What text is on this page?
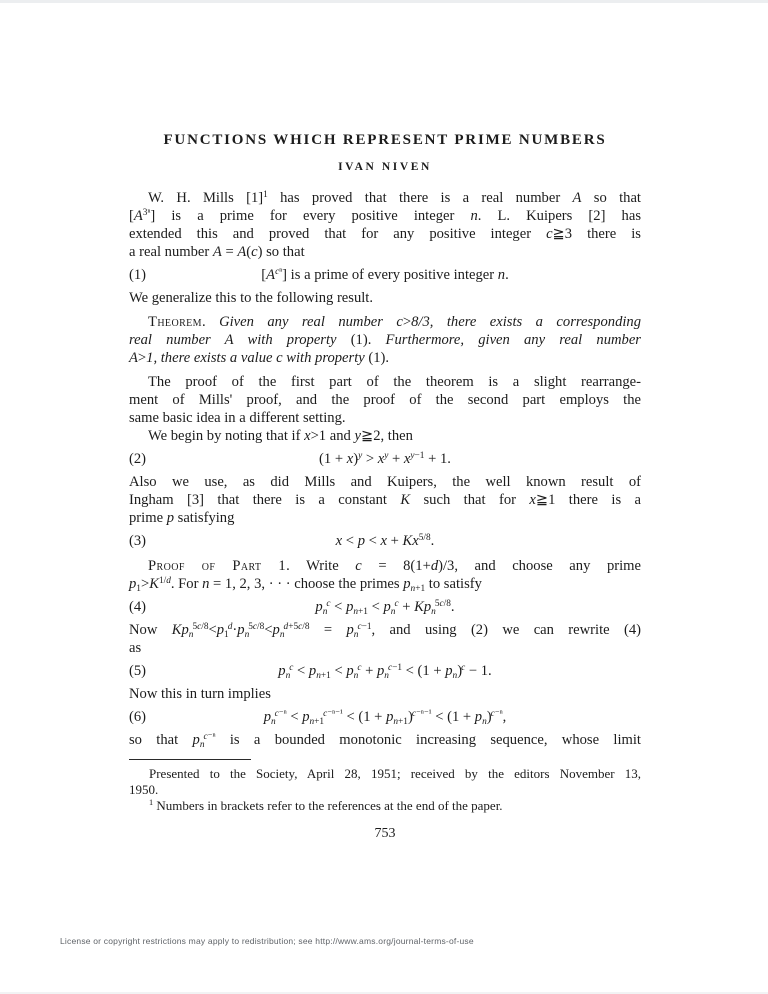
FUNCTIONS WHICH REPRESENT PRIME NUMBERS
IVAN NIVEN
W. H. Mills $[1]^1$ has proved that there is a real number A so that
$[A^{3^n}]$ is a prime for every positive integer n. L. Kuipers [2] has
extended this and proved that for any positive integer c≧3 there is
a real number A = A(c) so that
(1)	$[A^{c^n}]$ is a prime of every positive integer n.
We generalize this to the following result.
Theorem. Given any real number c>8/3, there exists a corresponding
real number A with property (1). Furthermore, given any real number
A>1, there exists a value c with property (1).
The proof of the first part of the theorem is a slight rearrange-
ment of Mills' proof, and the proof of the second part employs the
same basic idea in a different setting.
We begin by noting that if x>1 and y≧2, then
(2)	$(1 + x)^y > x^y + x^{y-1} + 1$.
Also we use, as did Mills and Kuipers, the well known result of
Ingham [3] that there is a constant K such that for x≧1 there is a
prime p satisfying
(3)	$x < p < x + Kx^{5/8}$.
Proof of Part 1. Write c = 8(1+d)/3, and choose any prime
$p_1>K^{1/d}$. For n = 1, 2, 3, · · · choose the primes $p_{n+1}$ to satisfy
(4)	$p_n^c < p_{n+1} < p_n^c + Kp_n^{5c/8}$.
Now $Kp_n^{5c/8}<p_1^d\cdot p_n^{5c/8}<p_n^{d+5c/8} = p_n^{c-1}$, and using (2) we can rewrite (4)
as
(5)	$p_n^c < p_{n+1} < p_n^c + p_n^{c-1} < (1 + p_n)^c - 1$.
Now this in turn implies
(6)	$p_n^{c^{-n}} < p_{n+1}^{c^{-n-1}} < (1 + p_{n+1})^{c^{-n-1}} < (1 + p_n)^{c^{-n}}$,
so that $p_n^{c^{-n}}$ is a bounded monotonic increasing sequence, whose limit
Presented to the Society, April 28, 1951; received by the editors November 13,
1950.
$^1$ Numbers in brackets refer to the references at the end of the paper.
753
License or copyright restrictions may apply to redistribution; see http://www.ams.org/journal-terms-of-use
